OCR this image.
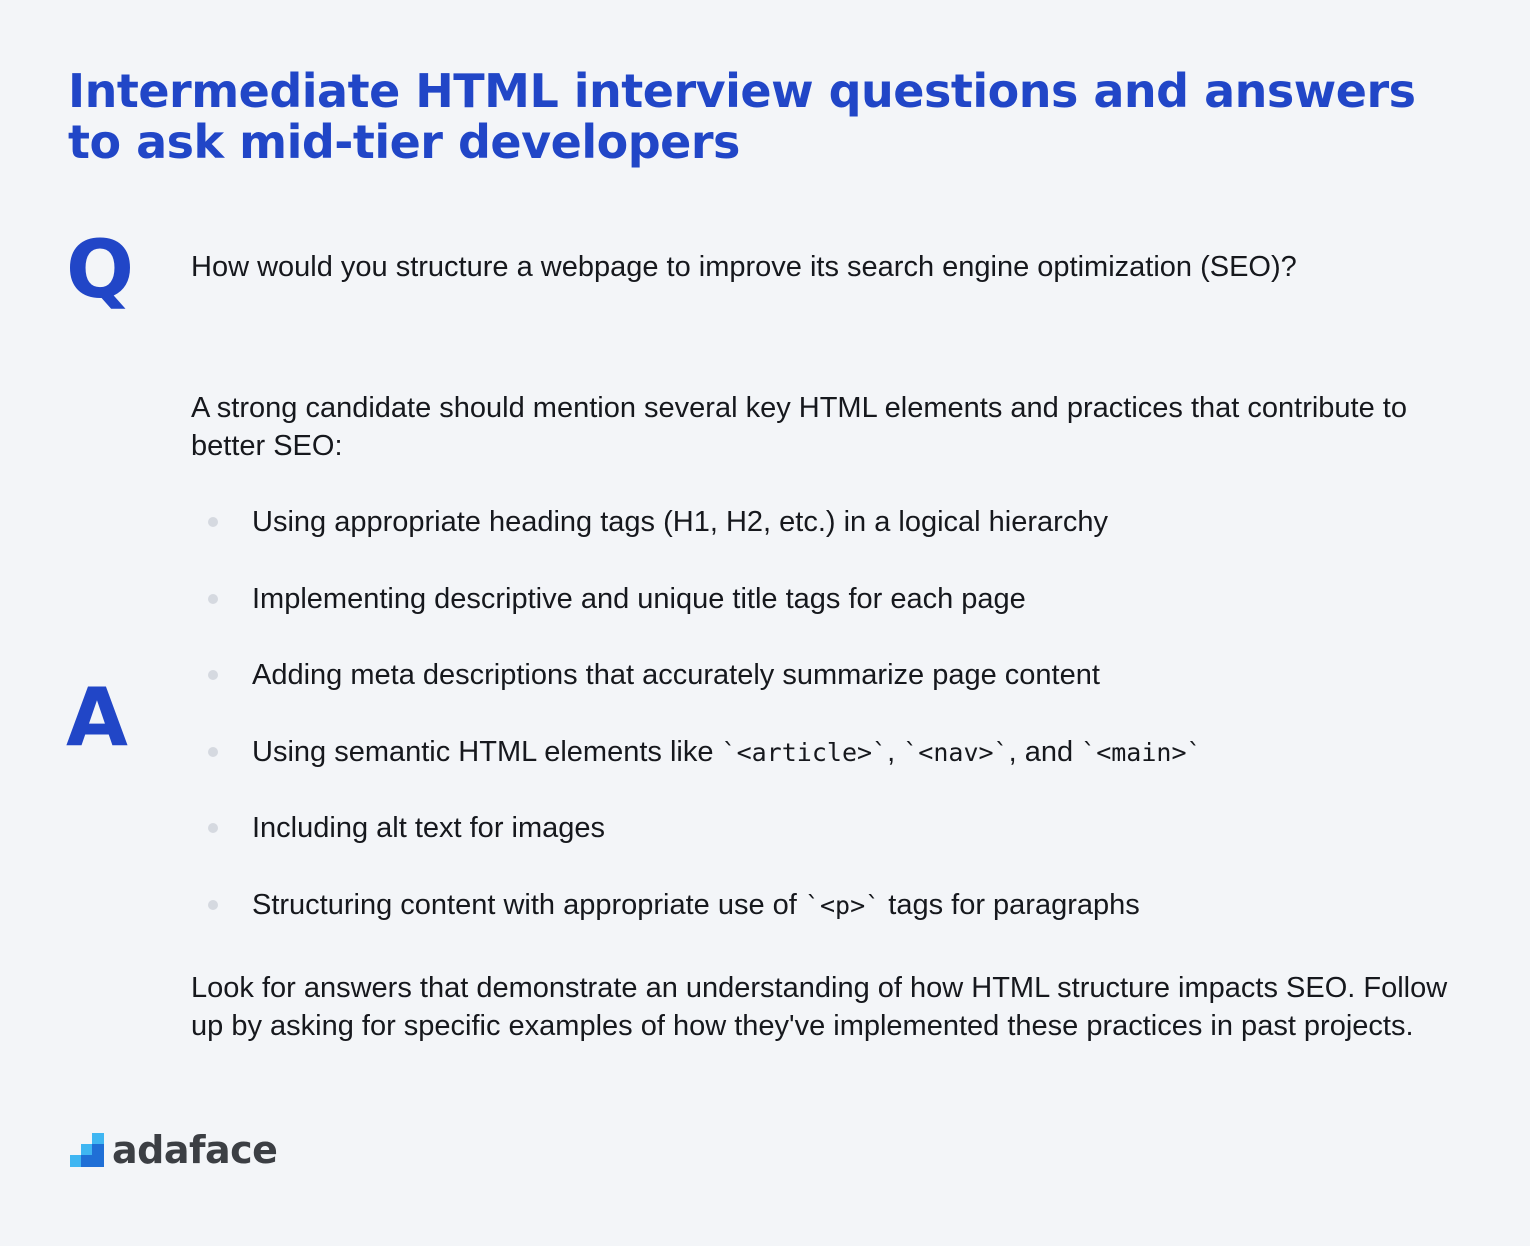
Intermediate HTML interview questions and answers to ask mid-tier developers
Q How would you structure a webpage to improve its search engine optimization (SEO)?
A
A strong candidate should mention several key HTML elements and practices that contribute to better SEO:
Using appropriate heading tags (H1, H2, etc.) in a logical hierarchy
Implementing descriptive and unique title tags for each page
Adding meta descriptions that accurately summarize page content
Using semantic HTML elements like `<article>`, `<nav>`, and `<main>`
Including alt text for images
Structuring content with appropriate use of `<p>` tags for paragraphs
Look for answers that demonstrate an understanding of how HTML structure impacts SEO. Follow up by asking for specific examples of how they've implemented these practices in past projects.
adaface
